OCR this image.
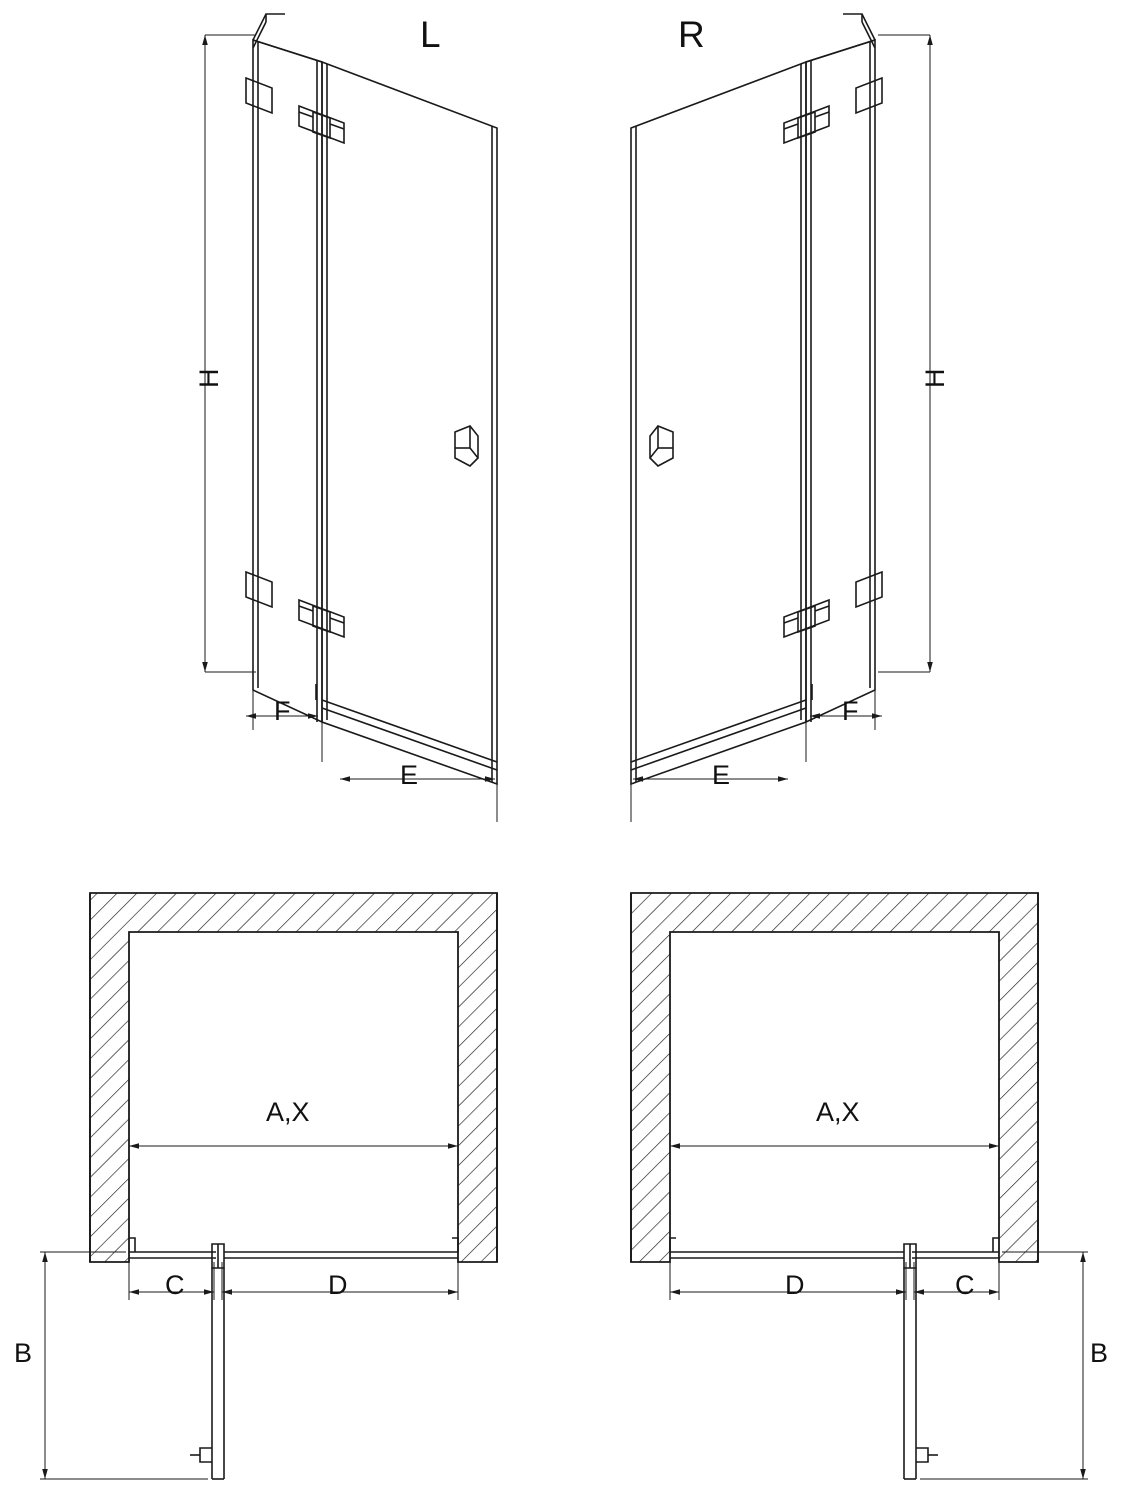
L	R
H	H
F
E
F
E
A,X	A,X
C	D
B
C
D
B
